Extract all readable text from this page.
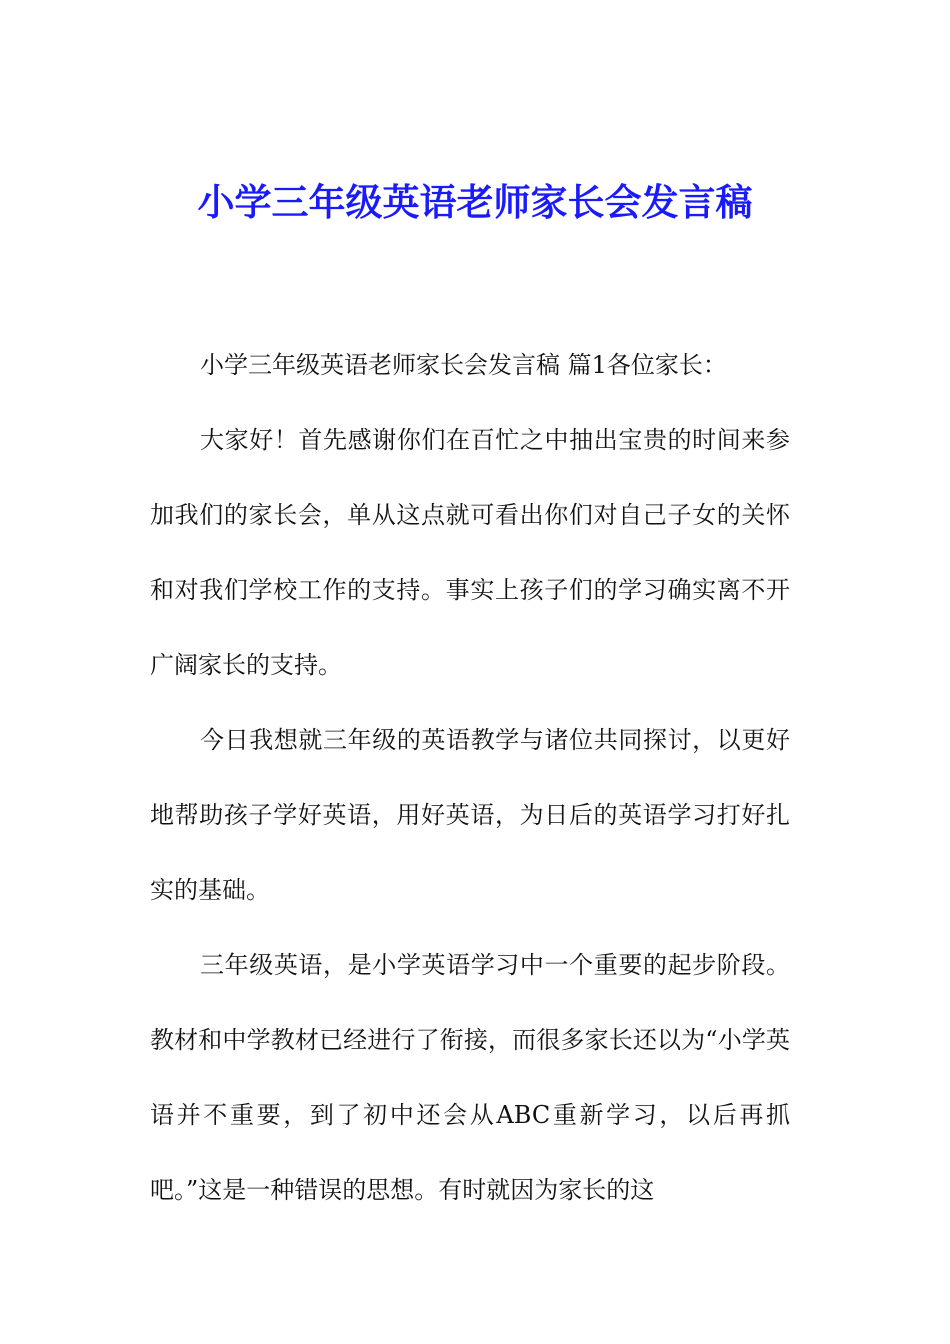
小学三年级英语老师家长会发言稿

小学三年级英语老师家长会发言稿 篇1各位家长：

大家好！首先感谢你们在百忙之中抽出宝贵的时间来参加我们的家长会，单从这点就可看出你们对自己子女的关怀和对我们学校工作的支持。事实上孩子们的学习确实离不开广阔家长的支持。

今日我想就三年级的英语教学与诸位共同探讨，以更好地帮助孩子学好英语，用好英语，为日后的英语学习打好扎实的基础。

三年级英语，是小学英语学习中一个重要的起步阶段。教材和中学教材已经进行了衔接，而很多家长还以为“小学英语并不重要，到了初中还会从ABC重新学习，以后再抓吧。”这是一种错误的思想。有时就因为家长的这
